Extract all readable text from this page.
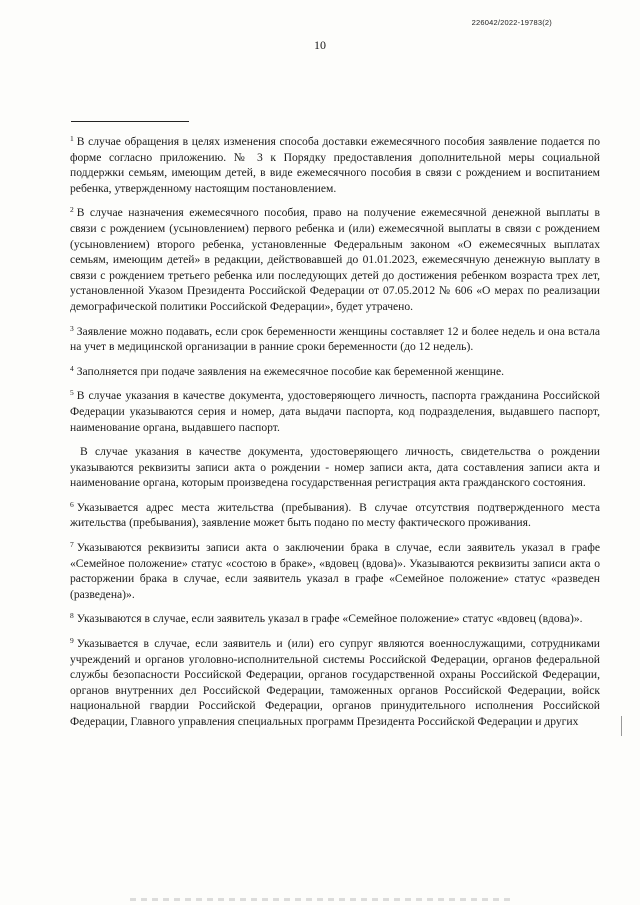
226042/2022-19783(2)
10

$^1$ В случае обращения в целях изменения способа доставки ежемесячного пособия заявление подается по форме согласно приложению. № 3 к Порядку предоставления дополнительной меры социальной поддержки семьям, имеющим детей, в виде ежемесячного пособия в связи с рождением и воспитанием ребенка, утвержденному настоящим постановлением.

$^2$ В случае назначения ежемесячного пособия, право на получение ежемесячной денежной выплаты в связи с рождением (усыновлением) первого ребенка и (или) ежемесячной выплаты в связи с рождением (усыновлением) второго ребенка, установленные Федеральным законом «О ежемесячных выплатах семьям, имеющим детей» в редакции, действовавшей до 01.01.2023, ежемесячную денежную выплату в связи с рождением третьего ребенка или последующих детей до достижения ребенком возраста трех лет, установленной Указом Президента Российской Федерации от 07.05.2012 № 606 «О мерах по реализации демографической политики Российской Федерации», будет утрачено.

$^3$ Заявление можно подавать, если срок беременности женщины составляет 12 и более недель и она встала на учет в медицинской организации в ранние сроки беременности (до 12 недель).

$^4$ Заполняется при подаче заявления на ежемесячное пособие как беременной женщине.

$^5$ В случае указания в качестве документа, удостоверяющего личность, паспорта гражданина Российской Федерации указываются серия и номер, дата выдачи паспорта, код подразделения, выдавшего паспорт, наименование органа, выдавшего паспорт.

В случае указания в качестве документа, удостоверяющего личность, свидетельства о рождении указываются реквизиты записи акта о рождении - номер записи акта, дата составления записи акта и наименование органа, которым произведена государственная регистрация акта гражданского состояния.

$^6$ Указывается адрес места жительства (пребывания). В случае отсутствия подтвержденного места жительства (пребывания), заявление может быть подано по месту фактического проживания.

$^7$ Указываются реквизиты записи акта о заключении брака в случае, если заявитель указал в графе «Семейное положение» статус «состою в браке», «вдовец (вдова)». Указываются реквизиты записи акта о расторжении брака в случае, если заявитель указал в графе «Семейное положение» статус «разведен (разведена)».

$^8$ Указываются в случае, если заявитель указал в графе «Семейное положение» статус «вдовец (вдова)».

$^9$ Указывается в случае, если заявитель и (или) его супруг являются военнослужащими, сотрудниками учреждений и органов уголовно-исполнительной системы Российской Федерации, органов федеральной службы безопасности Российской Федерации, органов государственной охраны Российской Федерации, органов внутренних дел Российской Федерации, таможенных органов Российской Федерации, войск национальной гвардии Российской Федерации, органов принудительного исполнения Российской Федерации, Главного управления специальных программ Президента Российской Федерации и других
